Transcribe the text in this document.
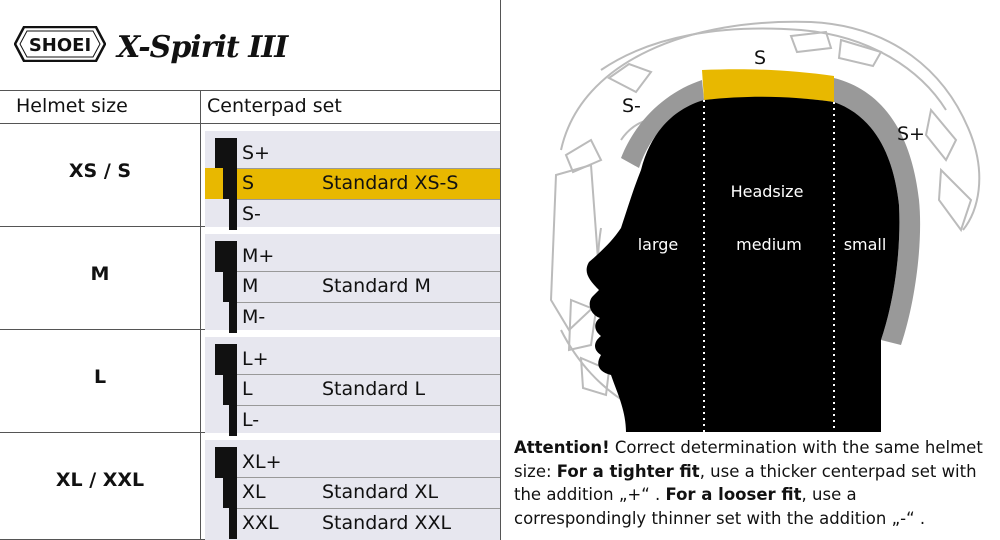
SHOEI X-Spirit III
Helmet size	Centerpad set
XS / S
S+
S	Standard XS-S
S-
M
M+
M	Standard M
M-
L
L+
L	Standard L
L-
XL / XXL
XL+
XL	Standard XL
XXL Standard XXL
S
S-
S+
Headsize
large	medium	small
Attention! Correct determination with the same helmet size: For a tighter fit, use a thicker centerpad set with the addition „+“ . For a looser fit, use a correspondingly thinner set with the addition „-“ .
